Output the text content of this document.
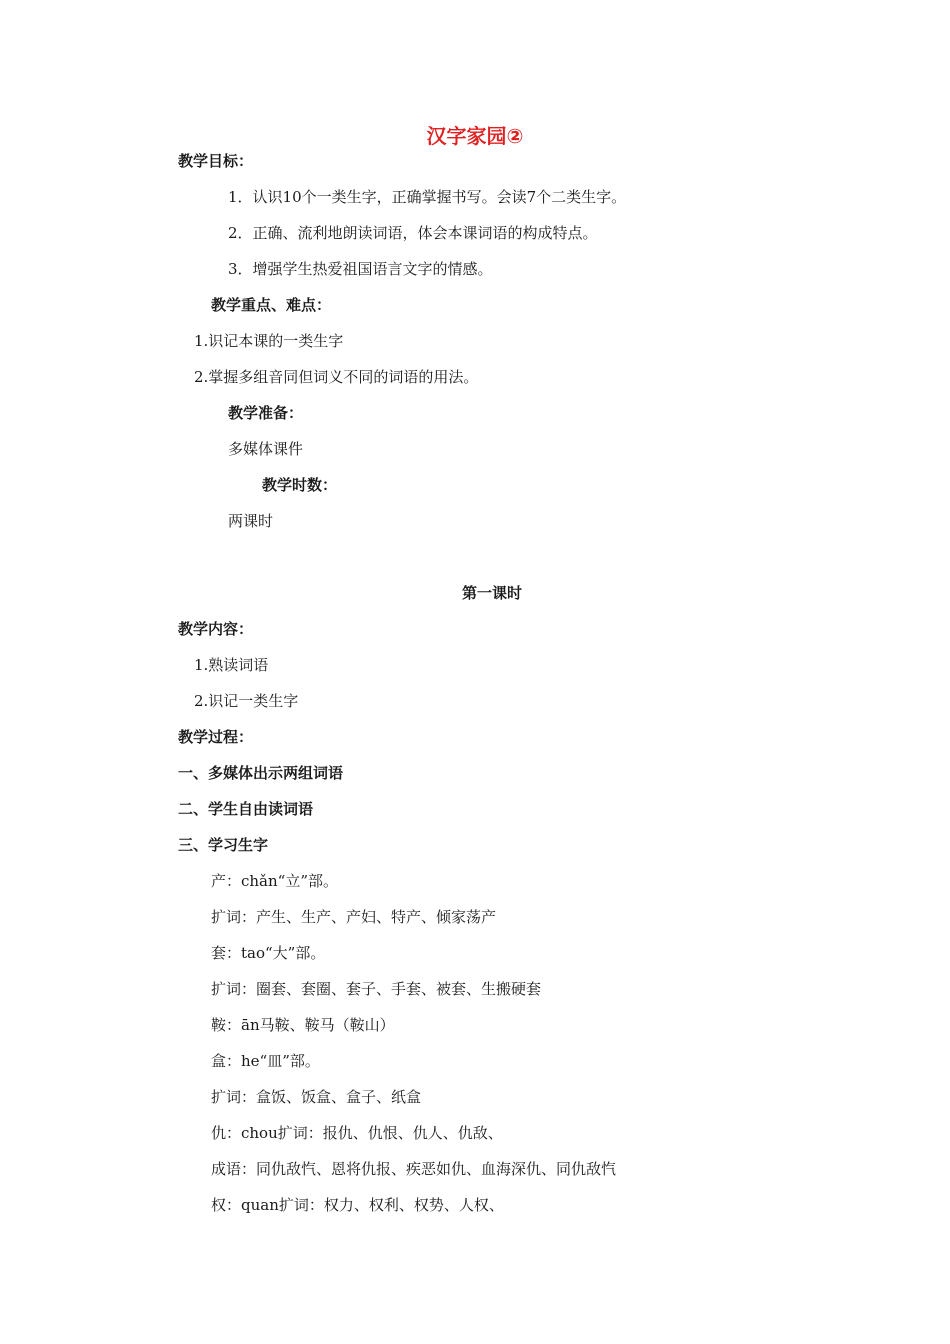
汉字家园②
教学目标：
1．认识10个一类生字，正确掌握书写。会读7个二类生字。
2．正确、流利地朗读词语，体会本课词语的构成特点。
3．增强学生热爱祖国语言文字的情感。
教学重点、难点：
1.识记本课的一类生字
2.掌握多组音同但词义不同的词语的用法。
教学准备：
多媒体课件
教学时数：
两课时
第一课时
教学内容：
1.熟读词语
2.识记一类生字
教学过程：
一、多媒体出示两组词语
二、学生自由读词语
三、学习生字
产：chǎn“立”部。
扩词：产生、生产、产妇、特产、倾家荡产
套：tao“大”部。
扩词：圈套、套圈、套子、手套、被套、生搬硬套
鞍：ān马鞍、鞍马（鞍山）
盒：he“皿”部。
扩词：盒饭、饭盒、盒子、纸盒
仇：chou扩词：报仇、仇恨、仇人、仇敌、
成语：同仇敌忾、恩将仇报、疾恶如仇、血海深仇、同仇敌忾
权：quan扩词：权力、权利、权势、人权、
